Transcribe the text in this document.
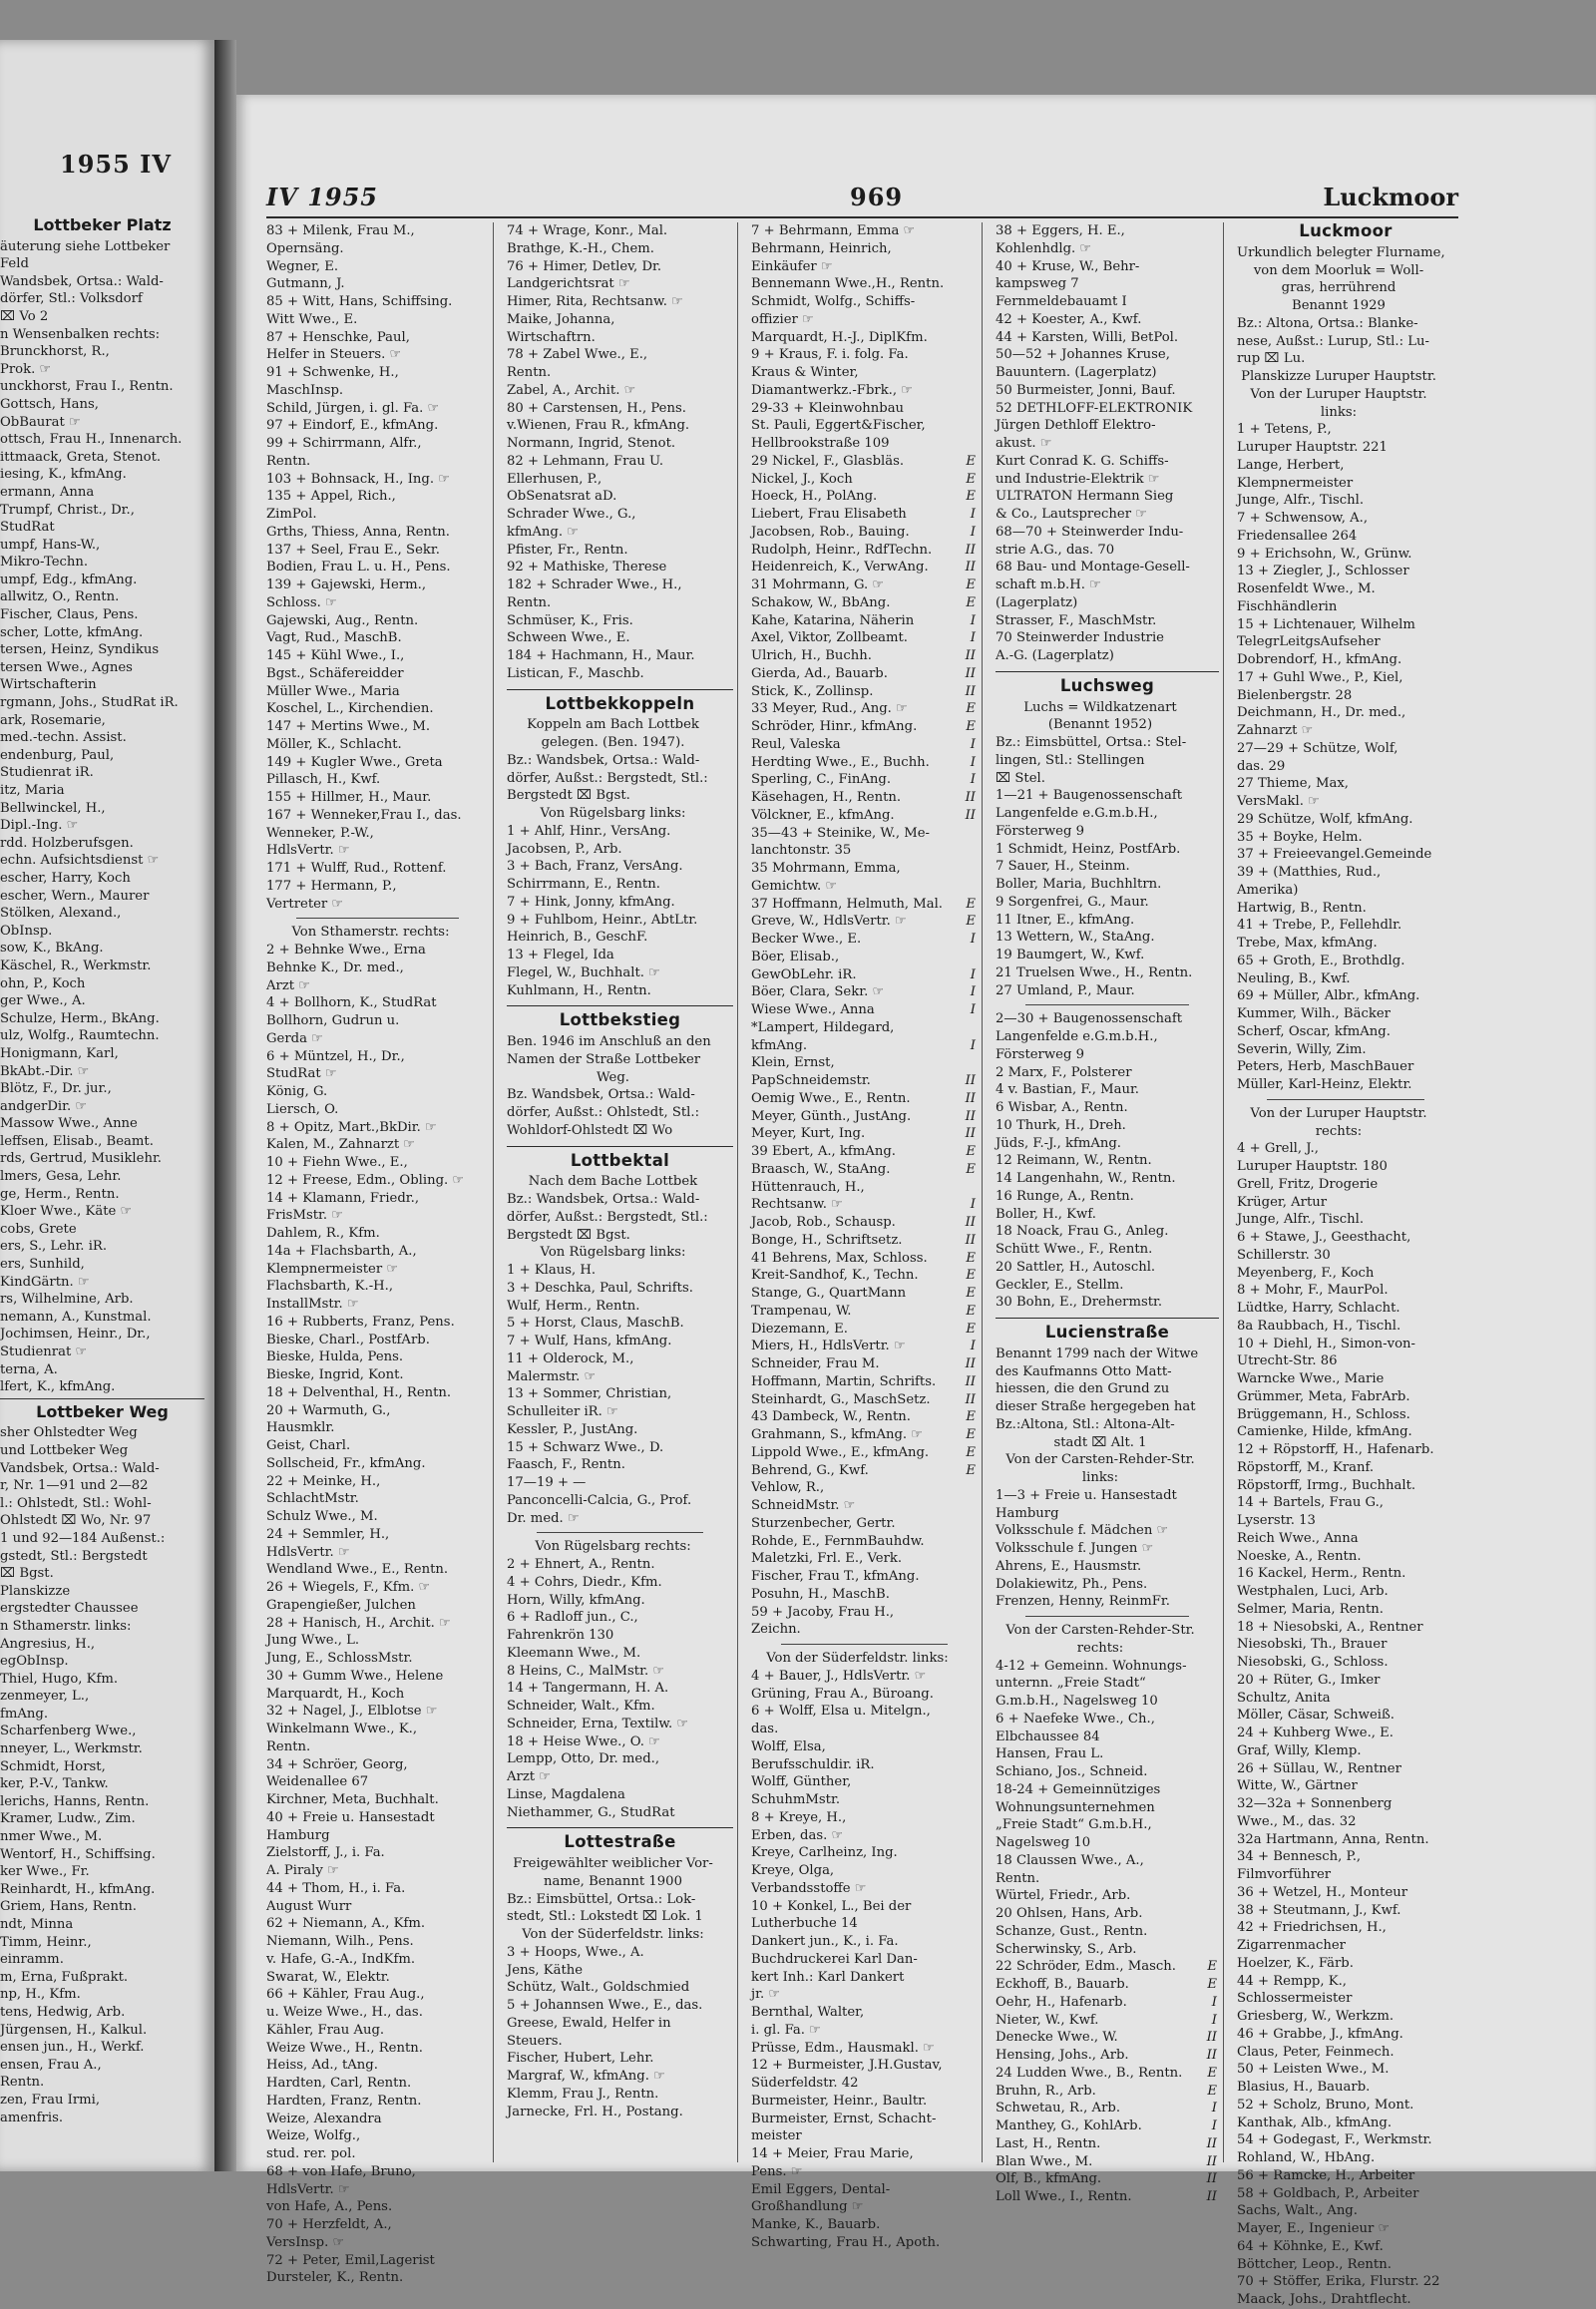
1955 IV
Lottbeker Platz
äuterung siehe Lottbeker
Feld
Wandsbek, Ortsa.: Wald-
dörfer, Stl.: Volksdorf
⌧ Vo 2
n Wensenbalken rechts:
Brunckhorst, R.,
Prok. ☞
unckhorst, Frau I., Rentn.
Gottsch, Hans,
ObBaurat ☞
ottsch, Frau H., Innenarch.
ittmaack, Greta, Stenot.
iesing, K., kfmAng.
ermann, Anna
Trumpf, Christ., Dr.,
StudRat
umpf, Hans-W.,
Mikro-Techn.
umpf, Edg., kfmAng.
allwitz, O., Rentn.
Fischer, Claus, Pens.
scher, Lotte, kfmAng.
tersen, Heinz, Syndikus
tersen Wwe., Agnes
Wirtschafterin
rgmann, Johs., StudRat iR.
ark, Rosemarie,
med.-techn. Assist.
endenburg, Paul,
Studienrat iR.
itz, Maria
Bellwinckel, H.,
Dipl.-Ing. ☞
rdd. Holzberufsgen.
echn. Aufsichtsdienst ☞
escher, Harry, Koch
escher, Wern., Maurer
Stölken, Alexand.,
ObInsp.
sow, K., BkAng.
Käschel, R., Werkmstr.
ohn, P., Koch
ger Wwe., A.
Schulze, Herm., BkAng.
ulz, Wolfg., Raumtechn.
Honigmann, Karl,
BkAbt.-Dir. ☞
Blötz, F., Dr. jur.,
andgerDir. ☞
Massow Wwe., Anne
leffsen, Elisab., Beamt.
rds, Gertrud, Musiklehr.
lmers, Gesa, Lehr.
ge, Herm., Rentn.
Kloer Wwe., Käte ☞
cobs, Grete
ers, S., Lehr. iR.
ers, Sunhild,
KindGärtn. ☞
rs, Wilhelmine, Arb.
nemann, A., Kunstmal.
Jochimsen, Heinr., Dr.,
Studienrat ☞
terna, A.
lfert, K., kfmAng.
Lottbeker Weg
sher Ohlstedter Weg
und Lottbeker Weg
Vandsbek, Ortsa.: Wald-
r, Nr. 1—91 und 2—82
l.: Ohlstedt, Stl.: Wohl-
Ohlstedt ⌧ Wo, Nr. 97
1 und 92—184 Außenst.:
gstedt, Stl.: Bergstedt
⌧ Bgst.
Planskizze
ergstedter Chaussee
n Sthamerstr. links:
Angresius, H.,
egObInsp.
Thiel, Hugo, Kfm.
zenmeyer, L.,
fmAng.
Scharfenberg Wwe.,
nneyer, L., Werkmstr.
Schmidt, Horst,
ker, P.-V., Tankw.
lerichs, Hanns, Rentn.
Kramer, Ludw., Zim.
nmer Wwe., M.
Wentorf, H., Schiffsing.
ker Wwe., Fr.
Reinhardt, H., kfmAng.
Griem, Hans, Rentn.
ndt, Minna
Timm, Heinr.,
einramm.
m, Erna, Fußprakt.
np, H., Kfm.
tens, Hedwig, Arb.
Jürgensen, H., Kalkul.
ensen jun., H., Werkf.
ensen, Frau A.,
Rentn.
zen, Frau Irmi,
amenfris.
IV 1955	969	Luckmoor
83 + Milenk, Frau M.,
Opernsäng.
Wegner, E.
Gutmann, J.
85 + Witt, Hans, Schiffsing.
Witt Wwe., E.
87 + Henschke, Paul,
Helfer in Steuers. ☞
91 + Schwenke, H.,
MaschInsp.
Schild, Jürgen, i. gl. Fa. ☞
97 + Eindorf, E., kfmAng.
99 + Schirrmann, Alfr.,
Rentn.
103 + Bohnsack, H., Ing. ☞
135 + Appel, Rich.,
ZimPol.
Grths, Thiess, Anna, Rentn.
137 + Seel, Frau E., Sekr.
Bodien, Frau L. u. H., Pens.
139 + Gajewski, Herm.,
Schloss. ☞
Gajewski, Aug., Rentn.
Vagt, Rud., MaschB.
145 + Kühl Wwe., I.,
Bgst., Schäfereidder
Müller Wwe., Maria
Koschel, L., Kirchendien.
147 + Mertins Wwe., M.
Möller, K., Schlacht.
149 + Kugler Wwe., Greta
Pillasch, H., Kwf.
155 + Hillmer, H., Maur.
167 + Wenneker,Frau I., das.
Wenneker, P.-W.,
HdlsVertr. ☞
171 + Wulff, Rud., Rottenf.
177 + Hermann, P.,
Vertreter ☞
Von Sthamerstr. rechts:
2 + Behnke Wwe., Erna
Behnke K., Dr. med.,
Arzt ☞
4 + Bollhorn, K., StudRat
Bollhorn, Gudrun u.
Gerda ☞
6 + Müntzel, H., Dr.,
StudRat ☞
König, G.
Liersch, O.
8 + Opitz, Mart.,BkDir. ☞
Kalen, M., Zahnarzt ☞
10 + Fiehn Wwe., E.,
12 + Freese, Edm., Obling. ☞
14 + Klamann, Friedr.,
FrisMstr. ☞
Dahlem, R., Kfm.
14a + Flachsbarth, A.,
Klempnermeister ☞
Flachsbarth, K.-H.,
InstallMstr. ☞
16 + Rubberts, Franz, Pens.
Bieske, Charl., PostfArb.
Bieske, Hulda, Pens.
Bieske, Ingrid, Kont.
18 + Delventhal, H., Rentn.
20 + Warmuth, G.,
Hausmklr.
Geist, Charl.
Sollscheid, Fr., kfmAng.
22 + Meinke, H.,
SchlachtMstr.
Schulz Wwe., M.
24 + Semmler, H.,
HdlsVertr. ☞
Wendland Wwe., E., Rentn.
26 + Wiegels, F., Kfm. ☞
Grapengießer, Julchen
28 + Hanisch, H., Archit. ☞
Jung Wwe., L.
Jung, E., SchlossMstr.
30 + Gumm Wwe., Helene
Marquardt, H., Koch
32 + Nagel, J., Elblotse ☞
Winkelmann Wwe., K.,
Rentn.
34 + Schröer, Georg,
Weidenallee 67
Kirchner, Meta, Buchhalt.
40 + Freie u. Hansestadt
Hamburg
Zielstorff, J., i. Fa.
A. Piraly ☞
44 + Thom, H., i. Fa.
August Wurr
62 + Niemann, A., Kfm.
Niemann, Wilh., Pens.
v. Hafe, G.-A., IndKfm.
Swarat, W., Elektr.
66 + Kähler, Frau Aug.,
u. Weize Wwe., H., das.
Kähler, Frau Aug.
Weize Wwe., H., Rentn.
Heiss, Ad., tAng.
Hardten, Carl, Rentn.
Hardten, Franz, Rentn.
Weize, Alexandra
Weize, Wolfg.,
stud. rer. pol.
68 + von Hafe, Bruno,
HdlsVertr. ☞
von Hafe, A., Pens.
70 + Herzfeldt, A.,
VersInsp. ☞
72 + Peter, Emil,Lagerist
Dursteler, K., Rentn.
74 + Wrage, Konr., Mal.
Brathge, K.-H., Chem.
76 + Himer, Detlev, Dr.
Landgerichtsrat ☞
Himer, Rita, Rechtsanw. ☞
Maike, Johanna,
Wirtschaftrn.
78 + Zabel Wwe., E.,
Rentn.
Zabel, A., Archit. ☞
80 + Carstensen, H., Pens.
v.Wienen, Frau R., kfmAng.
Normann, Ingrid, Stenot.
82 + Lehmann, Frau U.
Ellerhusen, P.,
ObSenatsrat aD.
Schrader Wwe., G.,
kfmAng. ☞
Pfister, Fr., Rentn.
92 + Mathiske, Therese
182 + Schrader Wwe., H.,
Rentn.
Schmüser, K., Fris.
Schween Wwe., E.
184 + Hachmann, H., Maur.
Listican, F., Maschb.
Lottbekkoppeln
Koppeln am Bach Lottbek
gelegen. (Ben. 1947).
Bz.: Wandsbek, Ortsa.: Wald-
dörfer, Außst.: Bergstedt, Stl.:
Bergstedt ⌧ Bgst.
Von Rügelsbarg links:
1 + Ahlf, Hinr., VersAng.
Jacobsen, P., Arb.
3 + Bach, Franz, VersAng.
Schirrmann, E., Rentn.
7 + Hink, Jonny, kfmAng.
9 + Fuhlbom, Heinr., AbtLtr.
Heinrich, B., GeschF.
13 + Flegel, Ida
Flegel, W., Buchhalt. ☞
Kuhlmann, H., Rentn.
Lottbekstieg
Ben. 1946 im Anschluß an den
Namen der Straße Lottbeker
Weg.
Bz. Wandsbek, Ortsa.: Wald-
dörfer, Außst.: Ohlstedt, Stl.:
Wohldorf-Ohlstedt ⌧ Wo
Lottbektal
Nach dem Bache Lottbek
Bz.: Wandsbek, Ortsa.: Wald-
dörfer, Außst.: Bergstedt, Stl.:
Bergstedt ⌧ Bgst.
Von Rügelsbarg links:
1 + Klaus, H.
3 + Deschka, Paul, Schrifts.
Wulf, Herm., Rentn.
5 + Horst, Claus, MaschB.
7 + Wulf, Hans, kfmAng.
11 + Olderock, M.,
Malermstr. ☞
13 + Sommer, Christian,
Schulleiter iR. ☞
Kessler, P., JustAng.
15 + Schwarz Wwe., D.
Faasch, F., Rentn.
17—19 + —
Panconcelli-Calcia, G., Prof.
Dr. med. ☞
Von Rügelsbarg rechts:
2 + Ehnert, A., Rentn.
4 + Cohrs, Diedr., Kfm.
Horn, Willy, kfmAng.
6 + Radloff jun., C.,
Fahrenkrön 130
Kleemann Wwe., M.
8 Heins, C., MalMstr. ☞
14 + Tangermann, H. A.
Schneider, Walt., Kfm.
Schneider, Erna, Textilw. ☞
18 + Heise Wwe., O. ☞
Lempp, Otto, Dr. med.,
Arzt ☞
Linse, Magdalena
Niethammer, G., StudRat
Lottestraße
Freigewählter weiblicher Vor-
name, Benannt 1900
Bz.: Eimsbüttel, Ortsa.: Lok-
stedt, Stl.: Lokstedt ⌧ Lok. 1
Von der Süderfeldstr. links:
3 + Hoops, Wwe., A.
Jens, Käthe
Schütz, Walt., Goldschmied
5 + Johannsen Wwe., E., das.
Greese, Ewald, Helfer in
Steuers.
Fischer, Hubert, Lehr.
Margraf, W., kfmAng. ☞
Klemm, Frau J., Rentn.
Jarnecke, Frl. H., Postang.
7 + Behrmann, Emma ☞
Behrmann, Heinrich,
Einkäufer ☞
Bennemann Wwe.,H., Rentn.
Schmidt, Wolfg., Schiffs-
offizier ☞
Marquardt, H.-J., DiplKfm.
9 + Kraus, F. i. folg. Fa.
Kraus & Winter,
Diamantwerkz.-Fbrk., ☞
29-33 + Kleinwohnbau
St. Pauli, Eggert&Fischer,
Hellbrookstraße 109
29 Nickel, F., Glasbläs.	E
Nickel, J., Koch	E
Hoeck, H., PolAng.	E
Liebert, Frau Elisabeth	I
Jacobsen, Rob., Bauing.	I
Rudolph, Heinr., RdfTechn.	II
Heidenreich, K., VerwAng.	II
31 Mohrmann, G. ☞	E
Schakow, W., BbAng.	E
Kahe, Katarina, Näherin	I
Axel, Viktor, Zollbeamt.	I
Ulrich, H., Buchh.	II
Gierda, Ad., Bauarb.	II
Stick, K., Zollinsp.	II
33 Meyer, Rud., Ang. ☞	E
Schröder, Hinr., kfmAng.	E
Reul, Valeska	I
Herdting Wwe., E., Buchh.	I
Sperling, C., FinAng.	I
Käsehagen, H., Rentn.	II
Völckner, E., kfmAng.	II
35—43 + Steinike, W., Me-
lanchtonstr. 35
35 Mohrmann, Emma,
Gemichtw. ☞
37 Hoffmann, Helmuth, Mal. E
Greve, W., HdlsVertr. ☞	E
Becker Wwe., E.	I
Böer, Elisab.,
GewObLehr. iR.	I
Böer, Clara, Sekr. ☞	I
Wiese Wwe., Anna	I
*Lampert, Hildegard,
kfmAng.	I
Klein, Ernst,
PapSchneidemstr.	II
Oemig Wwe., E., Rentn.	II
Meyer, Günth., JustAng.	II
Meyer, Kurt, Ing.	II
39 Ebert, A., kfmAng.	E
Braasch, W., StaAng.	E
Hüttenrauch, H.,
Rechtsanw. ☞	I
Jacob, Rob., Schausp.	II
Bonge, H., Schriftsetz.	II
41 Behrens, Max, Schloss.	E
Kreit-Sandhof, K., Techn.	E
Stange, G., QuartMann	E
Trampenau, W.	E
Diezemann, E.	E
Miers, H., HdlsVertr. ☞	I
Schneider, Frau M.	II
Hoffmann, Martin, Schrifts. II
Steinhardt, G., MaschSetz.	II
43 Dambeck, W., Rentn.	E
Grahmann, S., kfmAng. ☞	E
Lippold Wwe., E., kfmAng.	E
Behrend, G., Kwf.	E
Vehlow, R.,
SchneidMstr. ☞
Sturzenbecher, Gertr.
Rohde, E., FernmBauhdw.
Maletzki, Frl. E., Verk.
Fischer, Frau T., kfmAng.
Posuhn, H., MaschB.
59 + Jacoby, Frau H.,
Zeichn.
Von der Süderfeldstr. links:
4 + Bauer, J., HdlsVertr. ☞
Grüning, Frau A., Büroang.
6 + Wolff, Elsa u. Mitelgn.,
das.
Wolff, Elsa,
Berufsschuldir. iR.
Wolff, Günther,
SchuhmMstr.
8 + Kreye, H.,
Erben, das. ☞
Kreye, Carlheinz, Ing.
Kreye, Olga,
Verbandsstoffe ☞
10 + Konkel, L., Bei der
Lutherbuche 14
Dankert jun., K., i. Fa.
Buchdruckerei Karl Dan-
kert Inh.: Karl Dankert
jr. ☞
Bernthal, Walter,
i. gl. Fa. ☞
Prüsse, Edm., Hausmakl. ☞
12 + Burmeister, J.H.Gustav,
Süderfeldstr. 42
Burmeister, Heinr., Baultr.
Burmeister, Ernst, Schacht-
meister
14 + Meier, Frau Marie,
Pens. ☞
Emil Eggers, Dental-
Großhandlung ☞
Manke, K., Bauarb.
Schwarting, Frau H., Apoth.
38 + Eggers, H. E.,
Kohlenhdlg. ☞
40 + Kruse, W., Behr-
kampsweg 7
Fernmeldebauamt I
42 + Koester, A., Kwf.
44 + Karsten, Willi, BetPol.
50—52 + Johannes Kruse,
Bauuntern. (Lagerplatz)
50 Burmeister, Jonni, Bauf.
52 DETHLOFF-ELEKTRONIK
Jürgen Dethloff Elektro-
akust. ☞
Kurt Conrad K. G. Schiffs-
und Industrie-Elektrik ☞
ULTRATON Hermann Sieg
& Co., Lautsprecher ☞
68—70 + Steinwerder Indu-
strie A.G., das. 70
68 Bau- und Montage-Gesell-
schaft m.b.H. ☞
(Lagerplatz)
Strasser, F., MaschMstr.
70 Steinwerder Industrie
A.-G. (Lagerplatz)
Luchsweg
Luchs = Wildkatzenart
(Benannt 1952)
Bz.: Eimsbüttel, Ortsa.: Stel-
lingen, Stl.: Stellingen
⌧ Stel.
1—21 + Baugenossenschaft
Langenfelde e.G.m.b.H.,
Försterweg 9
1 Schmidt, Heinz, PostfArb.
7 Sauer, H., Steinm.
Boller, Maria, Buchhltrn.
9 Sorgenfrei, G., Maur.
11 Itner, E., kfmAng.
13 Wettern, W., StaAng.
19 Baumgert, W., Kwf.
21 Truelsen Wwe., H., Rentn.
27 Umland, P., Maur.
2—30 + Baugenossenschaft
Langenfelde e.G.m.b.H.,
Försterweg 9
2 Marx, F., Polsterer
4 v. Bastian, F., Maur.
6 Wisbar, A., Rentn.
10 Thurk, H., Dreh.
Jüds, F.-J., kfmAng.
12 Reimann, W., Rentn.
14 Langenhahn, W., Rentn.
16 Runge, A., Rentn.
Boller, H., Kwf.
18 Noack, Frau G., Anleg.
Schütt Wwe., F., Rentn.
20 Sattler, H., Autoschl.
Geckler, E., Stellm.
30 Bohn, E., Drehermstr.
Lucienstraße
Benannt 1799 nach der Witwe
des Kaufmanns Otto Matt-
hiessen, die den Grund zu
dieser Straße hergegeben hat
Bz.:Altona, Stl.: Altona-Alt-
stadt ⌧ Alt. 1
Von der Carsten-Rehder-Str.
links:
1—3 + Freie u. Hansestadt
Hamburg
Volksschule f. Mädchen ☞
Volksschule f. Jungen ☞
Ahrens, E., Hausmstr.
Dolakiewitz, Ph., Pens.
Frenzen, Henny, ReinmFr.
Von der Carsten-Rehder-Str.
rechts:
4-12 + Gemeinn. Wohnungs-
unternn. „Freie Stadt“
G.m.b.H., Nagelsweg 10
6 + Naefeke Wwe., Ch.,
Elbchaussee 84
Hansen, Frau L.
Schiano, Jos., Schneid.
18-24 + Gemeinnütziges
Wohnungsunternehmen
„Freie Stadt“ G.m.b.H.,
Nagelsweg 10
18 Claussen Wwe., A.,
Rentn.
Würtel, Friedr., Arb.
20 Ohlsen, Hans, Arb.
Schanze, Gust., Rentn.
Scherwinsky, S., Arb.
22 Schröder, Edm., Masch. E
Eckhoff, B., Bauarb.	E
Oehr, H., Hafenarb.	I
Nieter, W., Kwf.	I
Denecke Wwe., W.	II
Hensing, Johs., Arb.	II
24 Ludden Wwe., B., Rentn. E
Bruhn, R., Arb.	E
Schwetau, R., Arb.	I
Manthey, G., KohlArb.	I
Last, H., Rentn.	II
Blan Wwe., M.	II
Olf, B., kfmAng.	II
Loll Wwe., I., Rentn.	II
Luckmoor
Urkundlich belegter Flurname,
von dem Moorluk = Woll-
gras, herrührend
Benannt 1929
Bz.: Altona, Ortsa.: Blanke-
nese, Außst.: Lurup, Stl.: Lu-
rup ⌧ Lu.
Planskizze Luruper Hauptstr.
Von der Luruper Hauptstr.
links:
1 + Tetens, P.,
Luruper Hauptstr. 221
Lange, Herbert,
Klempnermeister
Junge, Alfr., Tischl.
7 + Schwensow, A.,
Friedensallee 264
9 + Erichsohn, W., Grünw.
13 + Ziegler, J., Schlosser
Rosenfeldt Wwe., M.
Fischhändlerin
15 + Lichtenauer, Wilhelm
TelegrLeitgsAufseher
Dobrendorf, H., kfmAng.
17 + Guhl Wwe., P., Kiel,
Bielenbergstr. 28
Deichmann, H., Dr. med.,
Zahnarzt ☞
27—29 + Schütze, Wolf,
das. 29
27 Thieme, Max,
VersMakl. ☞
29 Schütze, Wolf, kfmAng.
35 + Boyke, Helm.
37 + Freieevangel.Gemeinde
39 + (Matthies, Rud.,
Amerika)
Hartwig, B., Rentn.
41 + Trebe, P., Fellehdlr.
Trebe, Max, kfmAng.
65 + Groth, E., Brothdlg.
Neuling, B., Kwf.
69 + Müller, Albr., kfmAng.
Kummer, Wilh., Bäcker
Scherf, Oscar, kfmAng.
Severin, Willy, Zim.
Peters, Herb, MaschBauer
Müller, Karl-Heinz, Elektr.
Von der Luruper Hauptstr.
rechts:
4 + Grell, J.,
Luruper Hauptstr. 180
Grell, Fritz, Drogerie
Krüger, Artur
Junge, Alfr., Tischl.
6 + Stawe, J., Geesthacht,
Schillerstr. 30
Meyenberg, F., Koch
8 + Mohr, F., MaurPol.
Lüdtke, Harry, Schlacht.
8a Raubbach, H., Tischl.
10 + Diehl, H., Simon-von-
Utrecht-Str. 86
Warncke Wwe., Marie
Grümmer, Meta, FabrArb.
Brüggemann, H., Schloss.
Camienke, Hilde, kfmAng.
12 + Röpstorff, H., Hafenarb.
Röpstorff, M., Kranf.
Röpstorff, Irmg., Buchhalt.
14 + Bartels, Frau G.,
Lyserstr. 13
Reich Wwe., Anna
Noeske, A., Rentn.
16 Kackel, Herm., Rentn.
Westphalen, Luci, Arb.
Selmer, Maria, Rentn.
18 + Niesobski, A., Rentner
Niesobski, Th., Brauer
Niesobski, G., Schloss.
20 + Rüter, G., Imker
Schultz, Anita
Möller, Cäsar, Schweiß.
24 + Kuhberg Wwe., E.
Graf, Willy, Klemp.
26 + Süllau, W., Rentner
Witte, W., Gärtner
32—32a + Sonnenberg
Wwe., M., das. 32
32a Hartmann, Anna, Rentn.
34 + Bennesch, P.,
Filmvorführer
36 + Wetzel, H., Monteur
38 + Steutmann, J., Kwf.
42 + Friedrichsen, H.,
Zigarrenmacher
Hoelzer, K., Färb.
44 + Rempp, K.,
Schlossermeister
Griesberg, W., Werkzm.
46 + Grabbe, J., kfmAng.
Claus, Peter, Feinmech.
50 + Leisten Wwe., M.
Blasius, H., Bauarb.
52 + Scholz, Bruno, Mont.
Kanthak, Alb., kfmAng.
54 + Godegast, F., Werkmstr.
Rohland, W., HbAng.
56 + Ramcke, H., Arbeiter
58 + Goldbach, P., Arbeiter
Sachs, Walt., Ang.
Mayer, E., Ingenieur ☞
64 + Köhnke, E., Kwf.
Böttcher, Leop., Rentn.
70 + Stöffer, Erika, Flurstr. 22
Maack, Johs., Drahtflecht.
